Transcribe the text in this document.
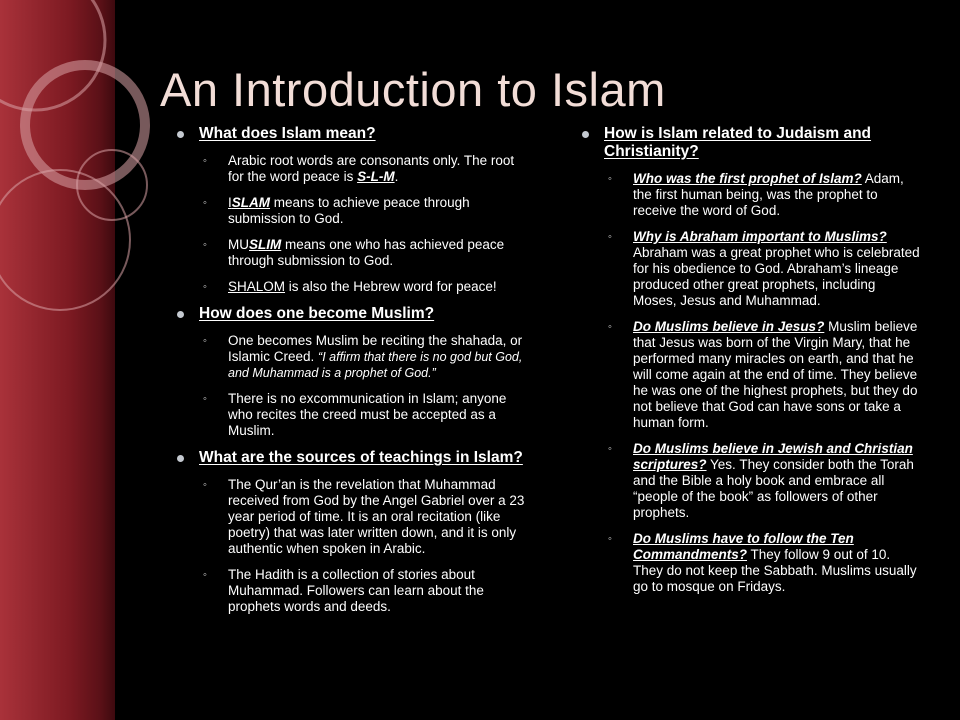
An Introduction to Islam
What does Islam mean?
◦ Arabic root words are consonants only. The root for the word peace is S-L-M.
◦ ISLAM means to achieve peace through submission to God.
◦ MUSLIM means one who has achieved peace through submission to God.
◦ SHALOM is also the Hebrew word for peace!
How does one become Muslim?
◦ One becomes Muslim be reciting the shahada, or Islamic Creed. “I affirm that there is no god but God, and Muhammad is a prophet of God.”
◦ There is no excommunication in Islam; anyone who recites the creed must be accepted as a Muslim.
What are the sources of teachings in Islam?
◦ The Qur’an is the revelation that Muhammad received from God by the Angel Gabriel over a 23 year period of time. It is an oral recitation (like poetry) that was later written down, and it is only authentic when spoken in Arabic.
◦ The Hadith is a collection of stories about Muhammad. Followers can learn about the prophets words and deeds.
How is Islam related to Judaism and Christianity?
◦ Who was the first prophet of Islam? Adam, the first human being, was the prophet to receive the word of God.
◦ Why is Abraham important to Muslims? Abraham was a great prophet who is celebrated for his obedience to God. Abraham’s lineage produced other great prophets, including Moses, Jesus and Muhammad.
◦ Do Muslims believe in Jesus? Muslim believe that Jesus was born of the Virgin Mary, that he performed many miracles on earth, and that he will come again at the end of time. They believe he was one of the highest prophets, but they do not believe that God can have sons or take a human form.
◦ Do Muslims believe in Jewish and Christian scriptures? Yes. They consider both the Torah and the Bible a holy book and embrace all “people of the book” as followers of other prophets.
◦ Do Muslims have to follow the Ten Commandments? They follow 9 out of 10. They do not keep the Sabbath. Muslims usually go to mosque on Fridays.
